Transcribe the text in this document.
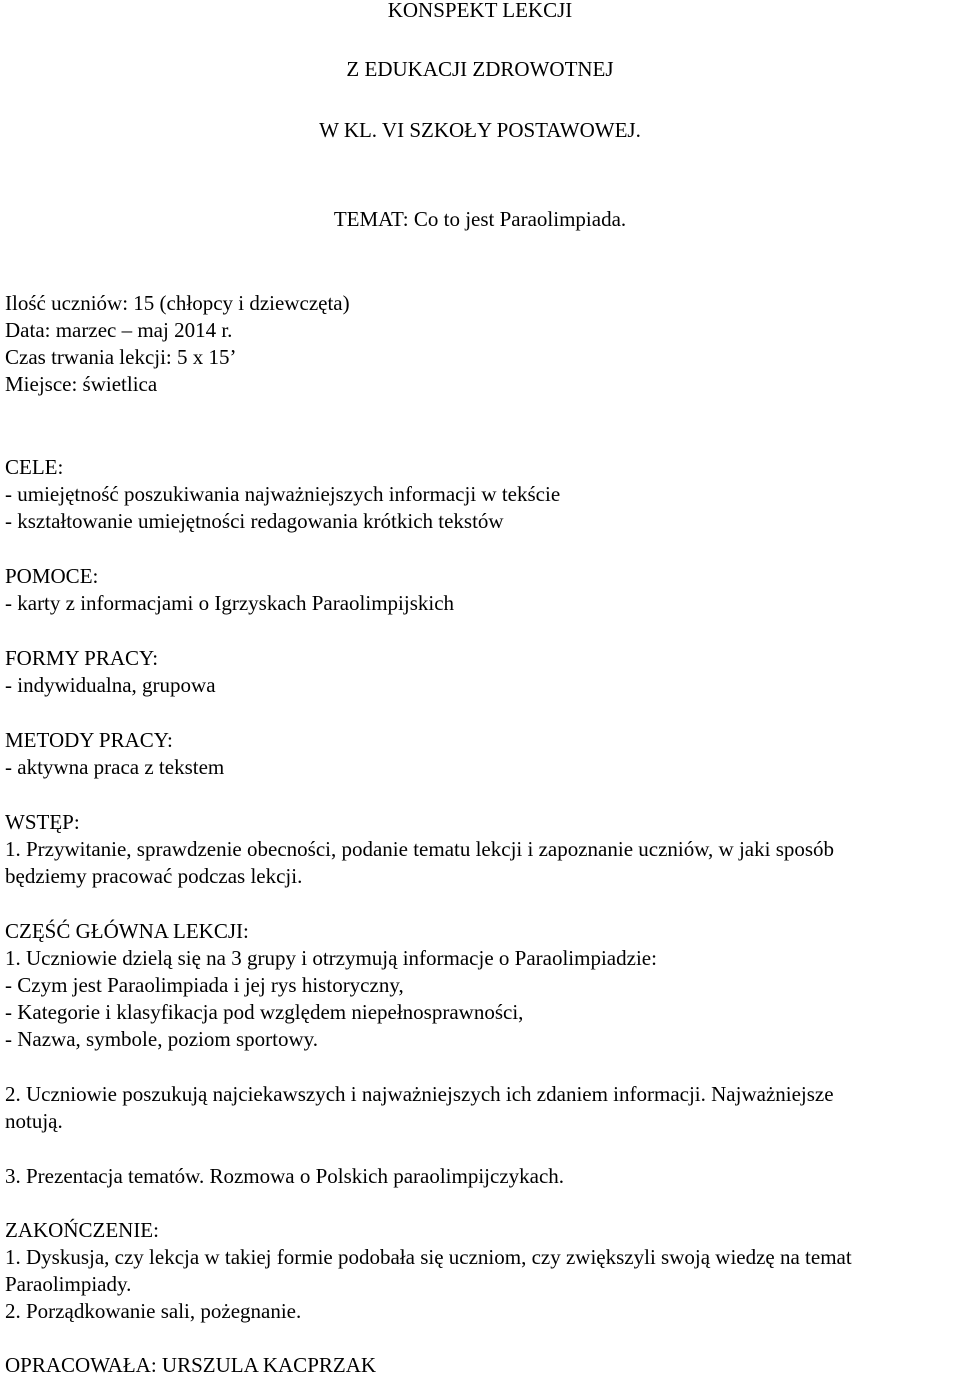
KONSPEKT LEKCJI
Z EDUKACJI ZDROWOTNEJ
W KL. VI SZKOŁY POSTAWOWEJ.
TEMAT: Co to jest Paraolimpiada.
Ilość uczniów: 15 (chłopcy i dziewczęta)
Data: marzec – maj 2014 r.
Czas trwania lekcji: 5 x 15’
Miejsce: świetlica
CELE:
- umiejętność poszukiwania najważniejszych informacji w tekście
- kształtowanie umiejętności redagowania krótkich tekstów
POMOCE:
- karty z informacjami o Igrzyskach Paraolimpijskich
FORMY PRACY:
- indywidualna, grupowa
METODY PRACY:
- aktywna praca z tekstem
WSTĘP:
1. Przywitanie, sprawdzenie obecności, podanie tematu lekcji i zapoznanie uczniów, w jaki sposób
będziemy pracować podczas lekcji.
CZĘŚĆ GŁÓWNA LEKCJI:
1. Uczniowie dzielą się na 3 grupy i otrzymują informacje o Paraolimpiadzie:
- Czym jest Paraolimpiada i jej rys historyczny,
- Kategorie i klasyfikacja pod względem niepełnosprawności,
- Nazwa, symbole, poziom sportowy.
2. Uczniowie poszukują najciekawszych i najważniejszych ich zdaniem informacji. Najważniejsze
notują.
3. Prezentacja tematów. Rozmowa o Polskich paraolimpijczykach.
ZAKOŃCZENIE:
1. Dyskusja, czy lekcja w takiej formie podobała się uczniom, czy zwiększyli swoją wiedzę na temat
Paraolimpiady.
2. Porządkowanie sali, pożegnanie.
OPRACOWAŁA: URSZULA KACPRZAK
